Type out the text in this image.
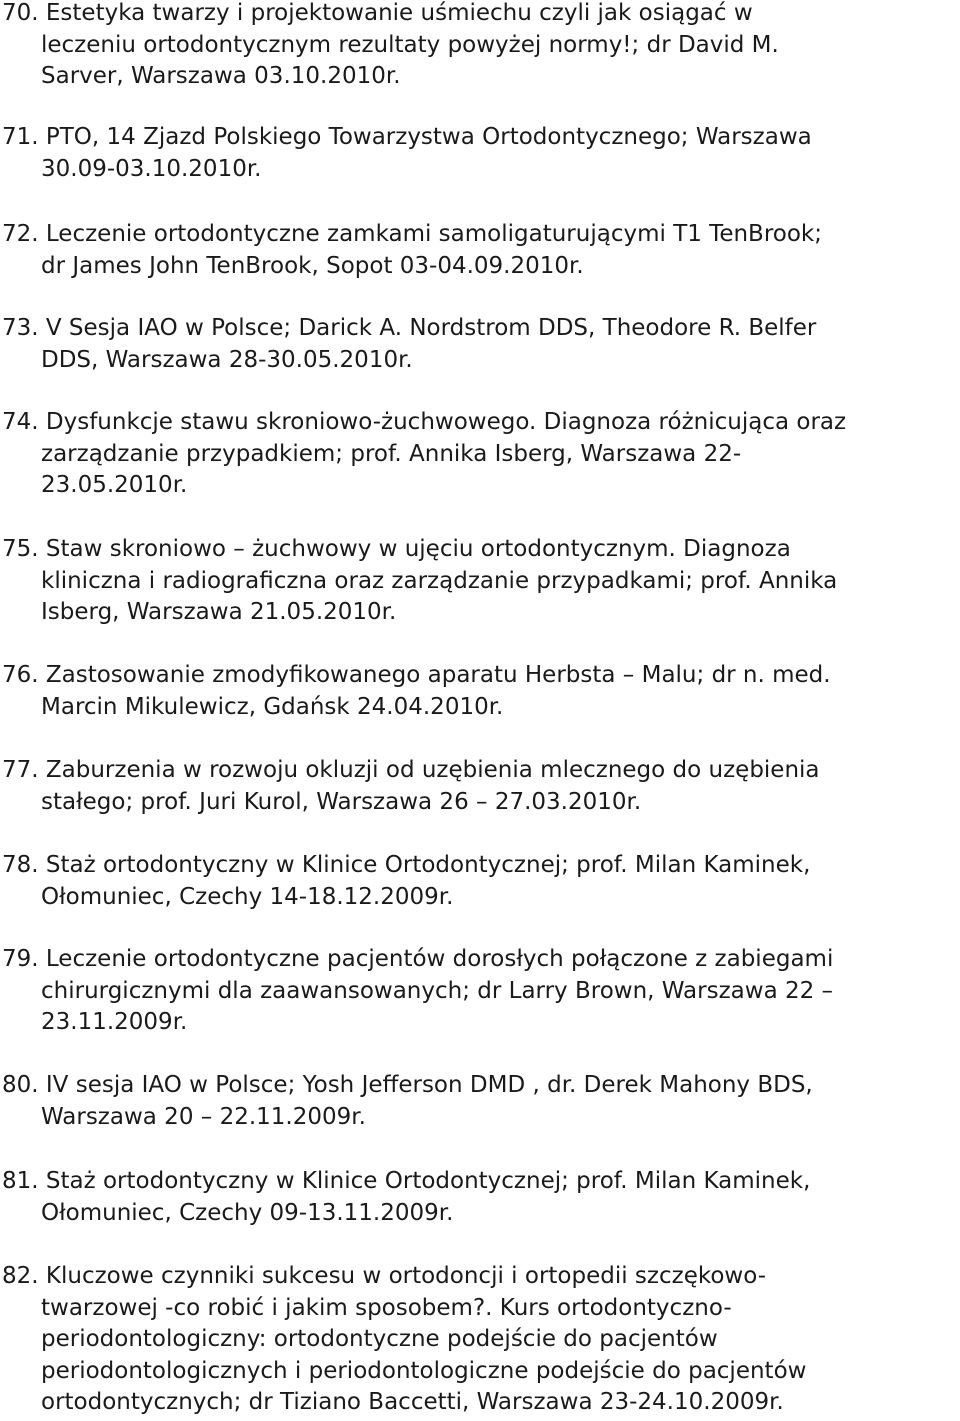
70. Estetyka twarzy i projektowanie uśmiechu czyli jak osiągać w
leczeniu ortodontycznym rezultaty powyżej normy!; dr David M.
Sarver, Warszawa 03.10.2010r.
71. PTO, 14 Zjazd Polskiego Towarzystwa Ortodontycznego; Warszawa
30.09-03.10.2010r.
72. Leczenie ortodontyczne zamkami samoligaturującymi T1 TenBrook;
dr James John TenBrook, Sopot 03-04.09.2010r.
73. V Sesja IAO w Polsce; Darick A. Nordstrom DDS, Theodore R. Belfer
DDS, Warszawa 28-30.05.2010r.
74. Dysfunkcje stawu skroniowo-żuchwowego. Diagnoza różnicująca oraz
zarządzanie przypadkiem; prof. Annika Isberg, Warszawa 22-
23.05.2010r.
75. Staw skroniowo – żuchwowy w ujęciu ortodontycznym. Diagnoza
kliniczna i radiograficzna oraz zarządzanie przypadkami; prof. Annika
Isberg, Warszawa 21.05.2010r.
76. Zastosowanie zmodyfikowanego aparatu Herbsta – Malu; dr n. med.
Marcin Mikulewicz, Gdańsk 24.04.2010r.
77. Zaburzenia w rozwoju okluzji od uzębienia mlecznego do uzębienia
stałego; prof. Juri Kurol, Warszawa 26 – 27.03.2010r.
78. Staż ortodontyczny w Klinice Ortodontycznej; prof. Milan Kaminek,
Ołomuniec, Czechy 14-18.12.2009r.
79. Leczenie ortodontyczne pacjentów dorosłych połączone z zabiegami
chirurgicznymi dla zaawansowanych; dr Larry Brown, Warszawa 22 –
23.11.2009r.
80. IV sesja IAO w Polsce; Yosh Jefferson DMD , dr. Derek Mahony BDS,
Warszawa 20 – 22.11.2009r.
81. Staż ortodontyczny w Klinice Ortodontycznej; prof. Milan Kaminek,
Ołomuniec, Czechy 09-13.11.2009r.
82. Kluczowe czynniki sukcesu w ortodoncji i ortopedii szczękowo-
twarzowej -co robić i jakim sposobem?. Kurs ortodontyczno-
periodontologiczny: ortodontyczne podejście do pacjentów
periodontologicznych i periodontologiczne podejście do pacjentów
ortodontycznych; dr Tiziano Baccetti, Warszawa 23-24.10.2009r.
